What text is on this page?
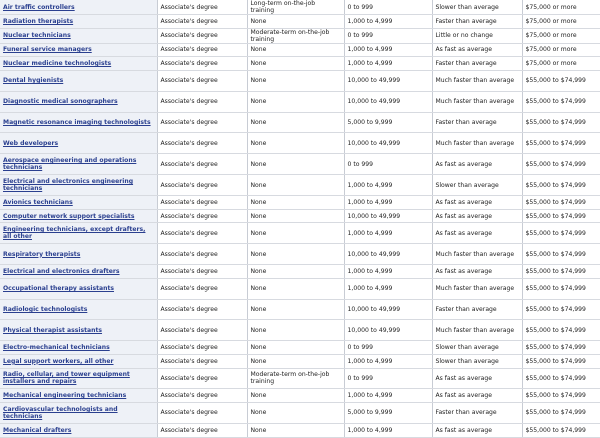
Air traffic controllers	Associate's degree	Long-term on-the-job training	0 to 999	Slower than average	$75,000 or more
Radiation therapists	Associate's degree	None	1,000 to 4,999	Faster than average	$75,000 or more
Nuclear technicians	Associate's degree	Moderate-term on-the-job training	0 to 999	Little or no change	$75,000 or more
Funeral service managers	Associate's degree	None	1,000 to 4,999	As fast as average	$75,000 or more
Nuclear medicine technologists	Associate's degree	None	1,000 to 4,999	Faster than average	$75,000 or more
Dental hygienists	Associate's degree	None	10,000 to 49,999	Much faster than average	$55,000 to $74,999
Diagnostic medical sonographers	Associate's degree	None	10,000 to 49,999	Much faster than average	$55,000 to $74,999
Magnetic resonance imaging technologists	Associate's degree	None	5,000 to 9,999	Faster than average	$55,000 to $74,999
Web developers	Associate's degree	None	10,000 to 49,999	Much faster than average	$55,000 to $74,999
Aerospace engineering and operations technicians	Associate's degree	None	0 to 999	As fast as average	$55,000 to $74,999
Electrical and electronics engineering technicians	Associate's degree	None	1,000 to 4,999	Slower than average	$55,000 to $74,999
Avionics technicians	Associate's degree	None	1,000 to 4,999	As fast as average	$55,000 to $74,999
Computer network support specialists	Associate's degree	None	10,000 to 49,999	As fast as average	$55,000 to $74,999
Engineering technicians, except drafters, all other	Associate's degree	None	1,000 to 4,999	As fast as average	$55,000 to $74,999
Respiratory therapists	Associate's degree	None	10,000 to 49,999	Much faster than average	$55,000 to $74,999
Electrical and electronics drafters	Associate's degree	None	1,000 to 4,999	As fast as average	$55,000 to $74,999
Occupational therapy assistants	Associate's degree	None	1,000 to 4,999	Much faster than average	$55,000 to $74,999
Radiologic technologists	Associate's degree	None	10,000 to 49,999	Faster than average	$55,000 to $74,999
Physical therapist assistants	Associate's degree	None	10,000 to 49,999	Much faster than average	$55,000 to $74,999
Electro-mechanical technicians	Associate's degree	None	0 to 999	Slower than average	$55,000 to $74,999
Legal support workers, all other	Associate's degree	None	1,000 to 4,999	Slower than average	$55,000 to $74,999
Radio, cellular, and tower equipment installers and repairs	Associate's degree	Moderate-term on-the-job training	0 to 999	As fast as average	$55,000 to $74,999
Mechanical engineering technicians	Associate's degree	None	1,000 to 4,999	As fast as average	$55,000 to $74,999
Cardiovascular technologists and technicians	Associate's degree	None	5,000 to 9,999	Faster than average	$55,000 to $74,999
Mechanical drafters	Associate's degree	None	1,000 to 4,999	As fast as average	$55,000 to $74,999
